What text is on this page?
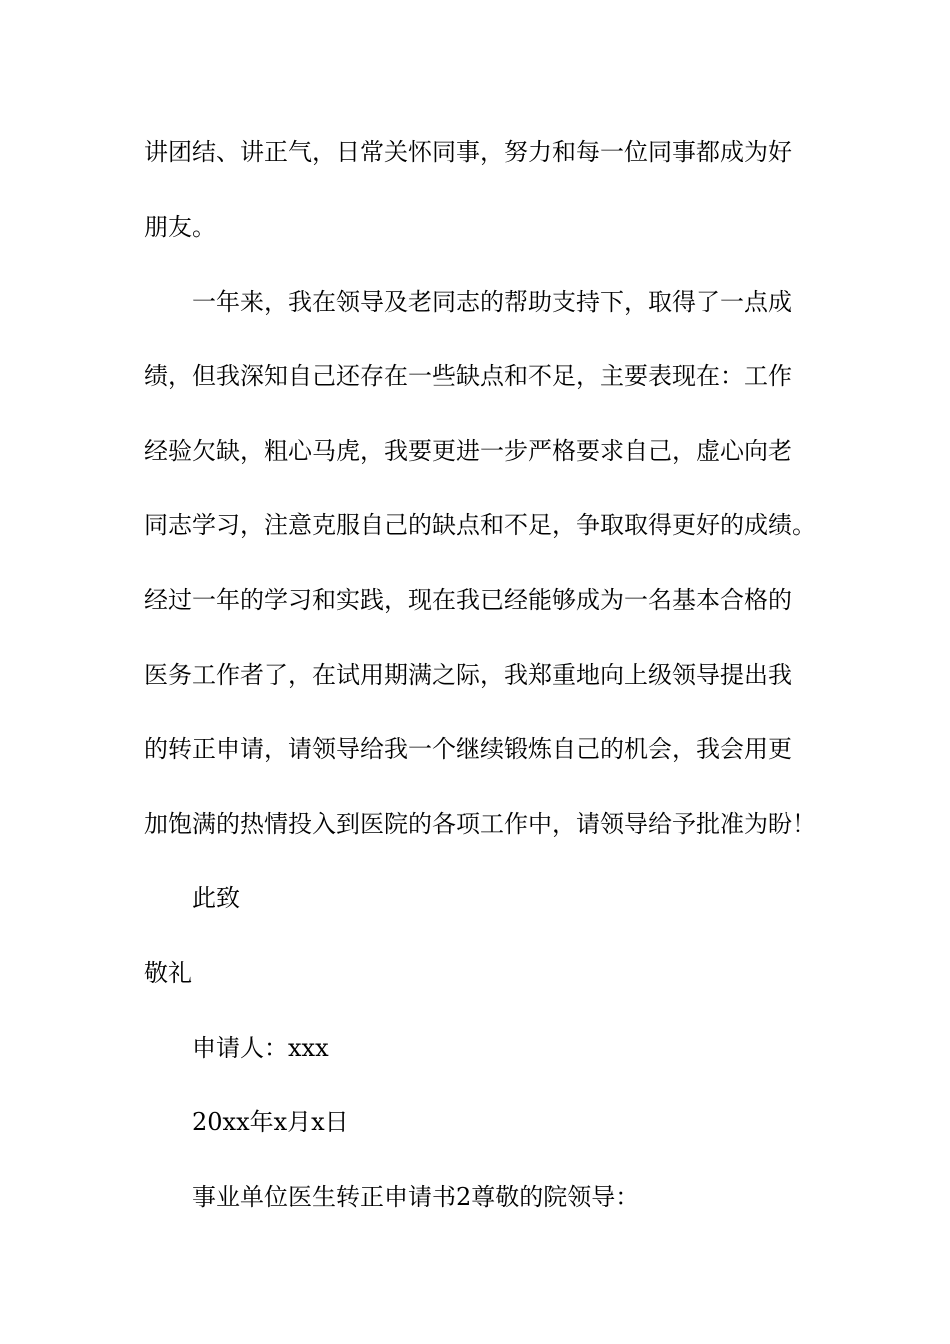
讲团结、讲正气，日常关怀同事，努力和每一位同事都成为好
朋友。
一年来，我在领导及老同志的帮助支持下，取得了一点成
绩，但我深知自己还存在一些缺点和不足，主要表现在：工作
经验欠缺，粗心马虎，我要更进一步严格要求自己，虚心向老
同志学习，注意克服自己的缺点和不足，争取取得更好的成绩。
经过一年的学习和实践，现在我已经能够成为一名基本合格的
医务工作者了，在试用期满之际，我郑重地向上级领导提出我
的转正申请，请领导给我一个继续锻炼自己的机会，我会用更
加饱满的热情投入到医院的各项工作中，请领导给予批准为盼！
此致
敬礼
申请人：xxx
20xx年x月x日
事业单位医生转正申请书2尊敬的院领导：
